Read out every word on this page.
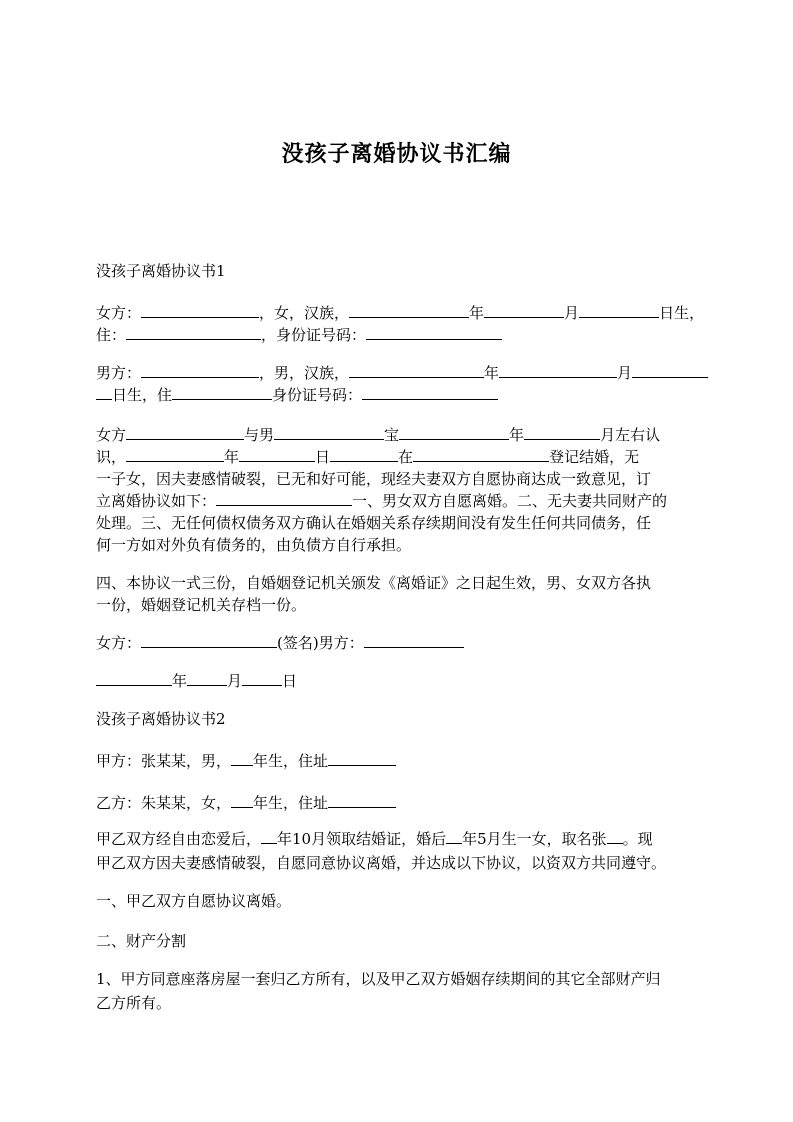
没孩子离婚协议书汇编
没孩子离婚协议书1
女方：	，女，汉族，	年	月	日生，
住：	，身份证号码：
男方：	，男，汉族，	年	月
日生，住	身份证号码：
女方	与男	宝	年	月左右认
识，	年	日	在	登记结婚，无
一子女，因夫妻感情破裂，已无和好可能，现经夫妻双方自愿协商达成一致意见，订
立离婚协议如下：	一、男女双方自愿离婚。二、无夫妻共同财产的
处理。三、无任何债权债务双方确认在婚姻关系存续期间没有发生任何共同债务，任
何一方如对外负有债务的，由负债方自行承担。
四、本协议一式三份，自婚姻登记机关颁发《离婚证》之日起生效，男、女双方各执
一份，婚姻登记机关存档一份。
女方：	(签名)男方：
年	月	日
没孩子离婚协议书2
甲方：张某某，男， 年生，住址
乙方：朱某某，女， 年生，住址
甲乙双方经自由恋爱后， 年10月领取结婚证，婚后 年5月生一女，取名张 。现
甲乙双方因夫妻感情破裂，自愿同意协议离婚，并达成以下协议，以资双方共同遵守。
一、甲乙双方自愿协议离婚。
二、财产分割
1、甲方同意座落房屋一套归乙方所有，以及甲乙双方婚姻存续期间的其它全部财产归
乙方所有。
